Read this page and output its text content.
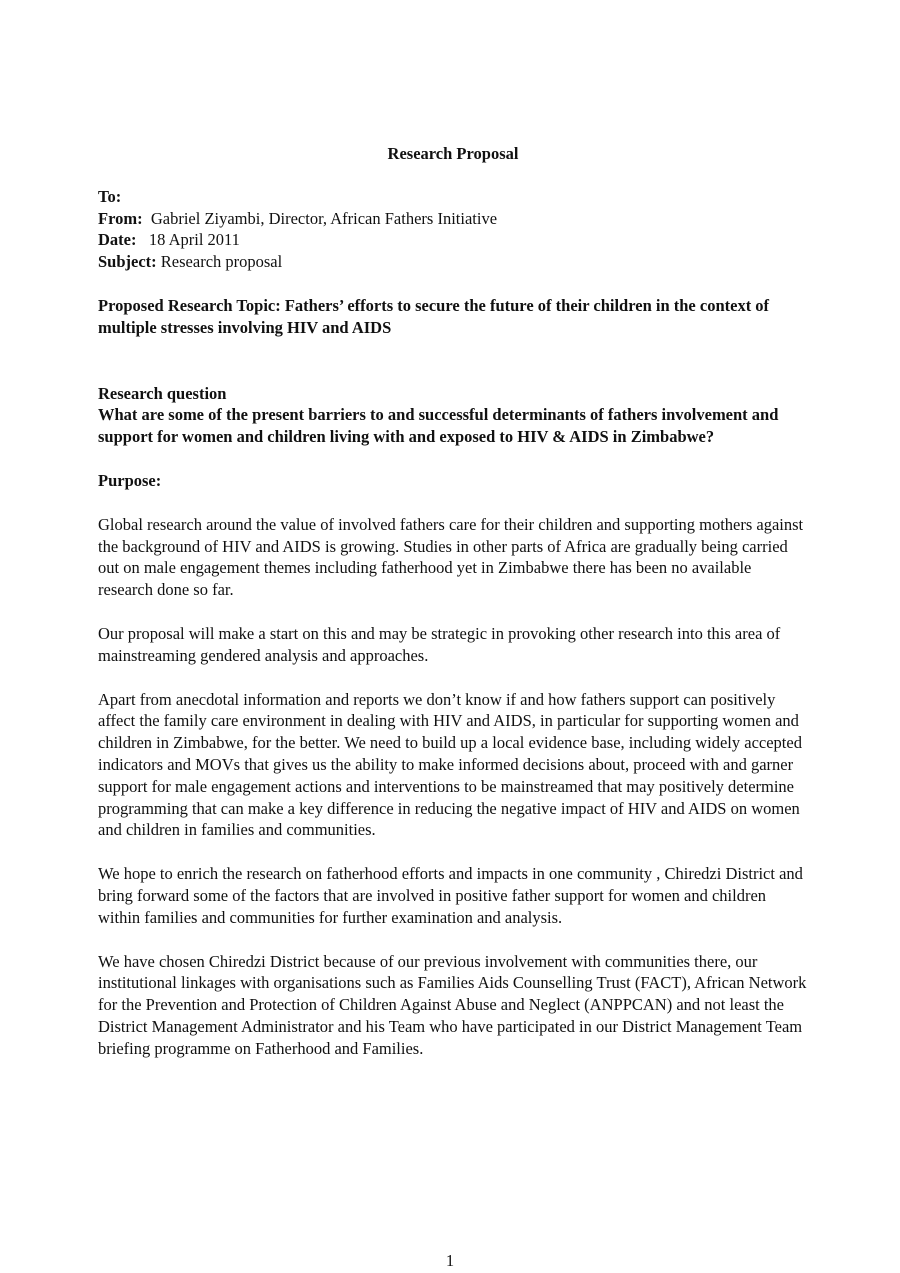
Research Proposal

To:

From: Gabriel Ziyambi, Director, African Fathers Initiative

Date: 18 April 2011

Subject: Research proposal

Proposed Research Topic: Fathers’ efforts to secure the future of their children in the context of multiple stresses involving HIV and AIDS

Research question

What are some of the present barriers to and successful determinants of fathers involvement and support for women and children living with and exposed to HIV & AIDS in Zimbabwe?

Purpose:

Global research around the value of involved fathers care for their children and supporting mothers against the background of HIV and AIDS is growing. Studies in other parts of Africa are gradually being carried out on male engagement themes including fatherhood yet in Zimbabwe there has been no available research done so far.

Our proposal will make a start on this and may be strategic in provoking other research into this area of mainstreaming gendered analysis and approaches.

Apart from anecdotal information and reports we don’t know if and how fathers support can positively affect the family care environment in dealing with HIV and AIDS, in particular for supporting women and children in Zimbabwe, for the better. We need to build up a local evidence base, including widely accepted indicators and MOVs that gives us the ability to make informed decisions about, proceed with and garner support for male engagement actions and interventions to be mainstreamed that may positively determine programming that can make a key difference in reducing the negative impact of HIV and AIDS on women and children in families and communities.

We hope to enrich the research on fatherhood efforts and impacts in one community , Chiredzi District and bring forward some of the factors that are involved in positive father support for women and children within families and communities for further examination and analysis.

We have chosen Chiredzi District because of our previous involvement with communities there, our institutional linkages with organisations such as Families Aids Counselling Trust (FACT), African Network for the Prevention and Protection of Children Against Abuse and Neglect (ANPPCAN) and not least the District Management Administrator and his Team who have participated in our District Management Team briefing programme on Fatherhood and Families.

1
